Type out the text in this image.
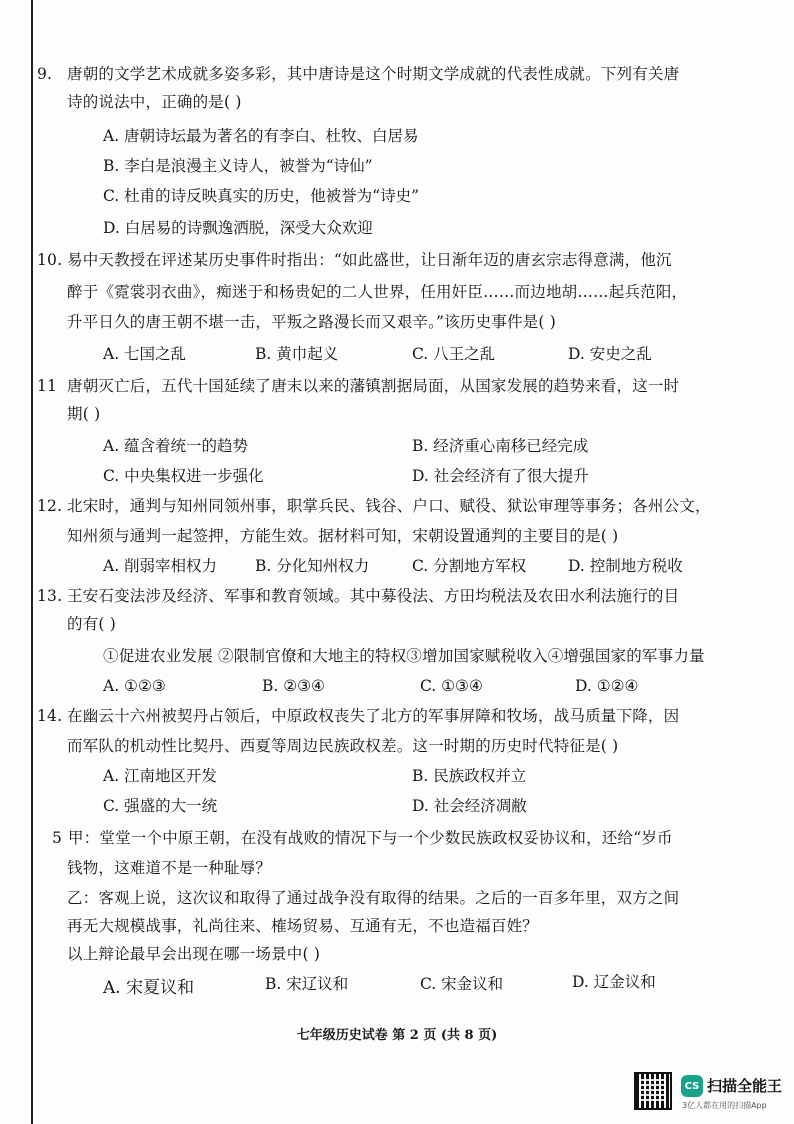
9. 唐朝的文学艺术成就多姿多彩，其中唐诗是这个时期文学成就的代表性成就。下列有关唐
诗的说法中，正确的是( )
A. 唐朝诗坛最为著名的有李白、杜牧、白居易
B. 李白是浪漫主义诗人，被誉为“诗仙”
C. 杜甫的诗反映真实的历史，他被誉为“诗史”
D. 白居易的诗飘逸洒脱，深受大众欢迎
10. 易中天教授在评述某历史事件时指出：“如此盛世，让日渐年迈的唐玄宗志得意满，他沉
醉于《霓裳羽衣曲》，痴迷于和杨贵妃的二人世界，任用奸臣……而边地胡……起兵范阳，
升平日久的唐王朝不堪一击，平叛之路漫长而又艰辛。”该历史事件是( )
A. 七国之乱	B. 黄巾起义	C. 八王之乱	D. 安史之乱
11 唐朝灭亡后，五代十国延续了唐末以来的藩镇割据局面，从国家发展的趋势来看，这一时
期( )
A. 蕴含着统一的趋势	B. 经济重心南移已经完成
C. 中央集权进一步强化	D. 社会经济有了很大提升
12. 北宋时，通判与知州同领州事，职掌兵民、钱谷、户口、赋役、狱讼审理等事务；各州公文，
知州须与通判一起签押，方能生效。据材料可知，宋朝设置通判的主要目的是( )
A. 削弱宰相权力 B. 分化知州权力	C. 分割地方军权	D. 控制地方税收
13. 王安石变法涉及经济、军事和教育领域。其中募役法、方田均税法及农田水利法施行的目
的有( )
①促进农业发展 ②限制官僚和大地主的特权③增加国家赋税收入④增强国家的军事力量
A. ①②③	B. ②③④	C. ①③④	D. ①②④
14. 在幽云十六州被契丹占领后，中原政权丧失了北方的军事屏障和牧场，战马质量下降，因
而军队的机动性比契丹、西夏等周边民族政权差。这一时期的历史时代特征是( )
A. 江南地区开发	B. 民族政权并立
C. 强盛的大一统	D. 社会经济凋敝
5 甲：堂堂一个中原王朝，在没有战败的情况下与一个少数民族政权妥协议和，还给“岁币
钱物，这难道不是一种耻辱？
乙：客观上说，这次议和取得了通过战争没有取得的结果。之后的一百多年里，双方之间
再无大规模战事，礼尚往来、榷场贸易、互通有无，不也造福百姓？
以上辩论最早会出现在哪一场景中( )
A. 宋夏议和	B. 宋辽议和	C. 宋金议和	D. 辽金议和
七年级历史试卷 第 2 页 (共 8 页)
CS 扫描全能王
3亿人都在用的扫描App
